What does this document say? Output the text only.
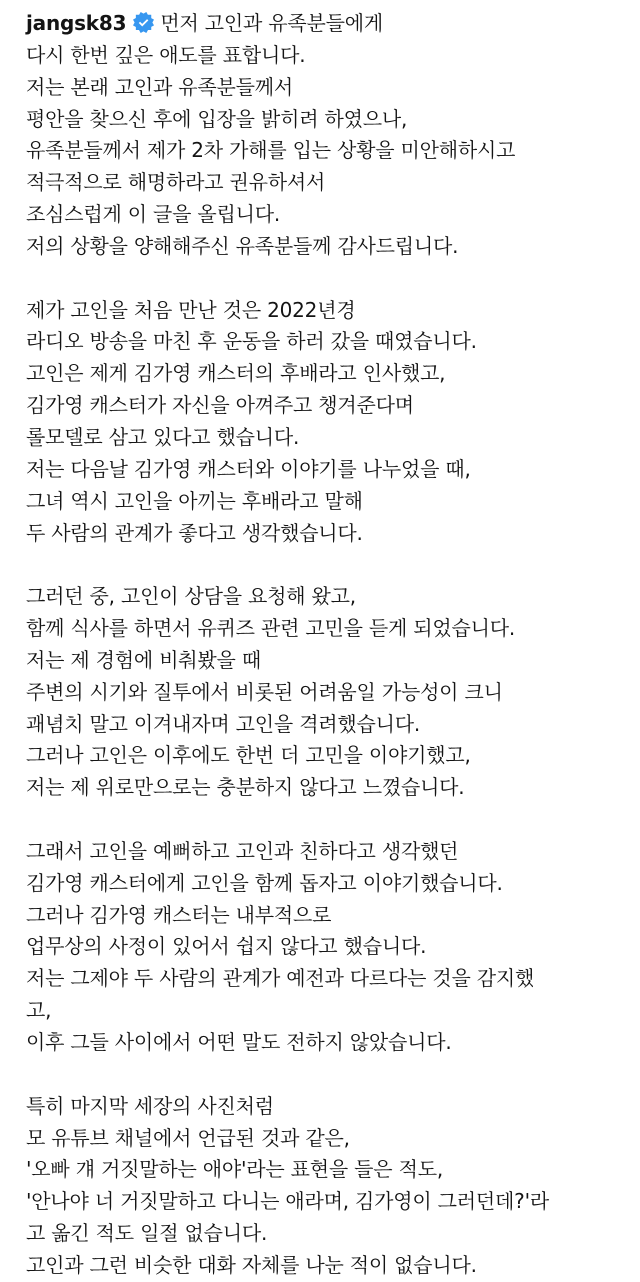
jangsk83 먼저 고인과 유족분들에게
다시 한번 깊은 애도를 표합니다.
저는 본래 고인과 유족분들께서
평안을 찾으신 후에 입장을 밝히려 하였으나,
유족분들께서 제가 2차 가해를 입는 상황을 미안해하시고
적극적으로 해명하라고 권유하셔서
조심스럽게 이 글을 올립니다.
저의 상황을 양해해주신 유족분들께 감사드립니다.
제가 고인을 처음 만난 것은 2022년경
라디오 방송을 마친 후 운동을 하러 갔을 때였습니다.
고인은 제게 김가영 캐스터의 후배라고 인사했고,
김가영 캐스터가 자신을 아껴주고 챙겨준다며
롤모델로 삼고 있다고 했습니다.
저는 다음날 김가영 캐스터와 이야기를 나누었을 때,
그녀 역시 고인을 아끼는 후배라고 말해
두 사람의 관계가 좋다고 생각했습니다.
그러던 중, 고인이 상담을 요청해 왔고,
함께 식사를 하면서 유퀴즈 관련 고민을 듣게 되었습니다.
저는 제 경험에 비춰봤을 때
주변의 시기와 질투에서 비롯된 어려움일 가능성이 크니
괘념치 말고 이겨내자며 고인을 격려했습니다.
그러나 고인은 이후에도 한번 더 고민을 이야기했고,
저는 제 위로만으로는 충분하지 않다고 느꼈습니다.
그래서 고인을 예뻐하고 고인과 친하다고 생각했던
김가영 캐스터에게 고인을 함께 돕자고 이야기했습니다.
그러나 김가영 캐스터는 내부적으로
업무상의 사정이 있어서 쉽지 않다고 했습니다.
저는 그제야 두 사람의 관계가 예전과 다르다는 것을 감지했
고,
이후 그들 사이에서 어떤 말도 전하지 않았습니다.
특히 마지막 세장의 사진처럼
모 유튜브 채널에서 언급된 것과 같은,
'오빠 걔 거짓말하는 애야'라는 표현을 들은 적도,
'안나야 너 거짓말하고 다니는 애라며, 김가영이 그러던데?'라
고 옮긴 적도 일절 없습니다.
고인과 그런 비슷한 대화 자체를 나눈 적이 없습니다.
